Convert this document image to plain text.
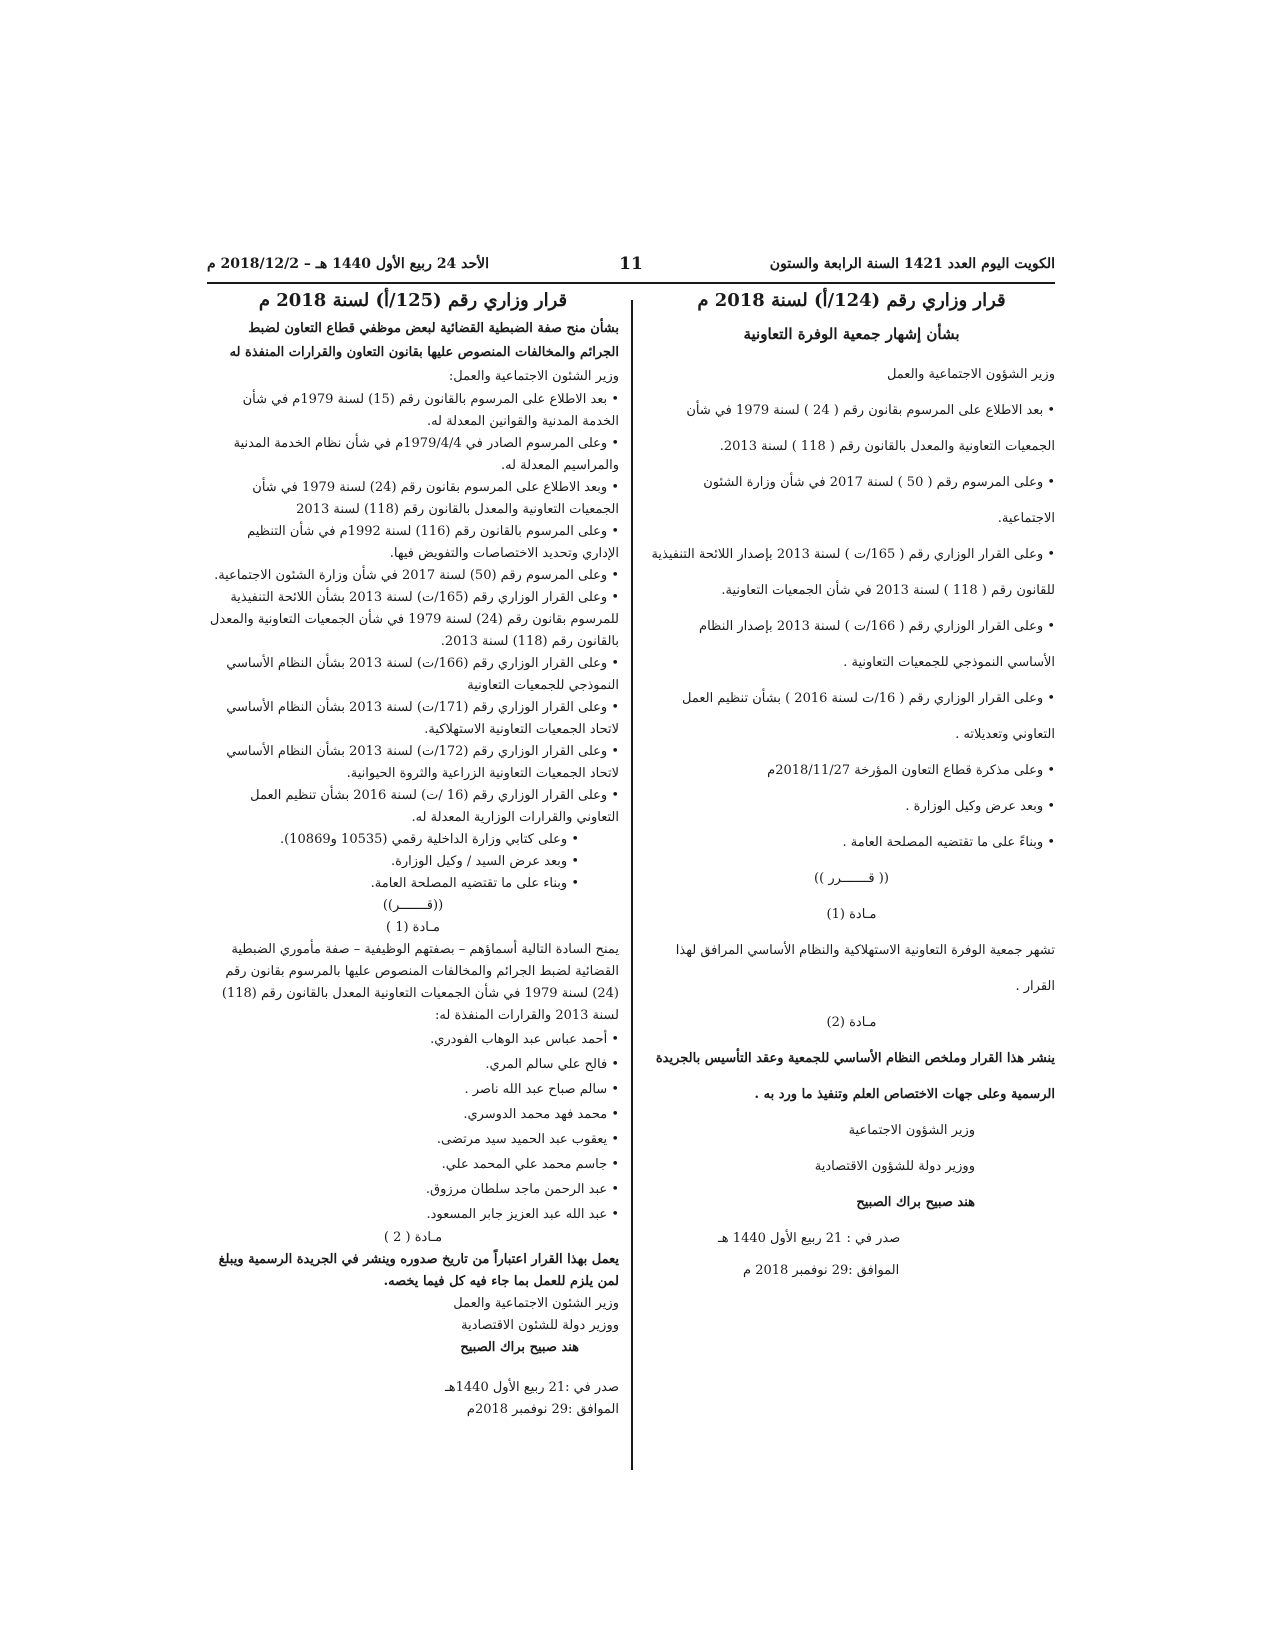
الكويت اليوم العدد 1421 السنة الرابعة والستون
11
الأحد 24 ربيع الأول 1440 هـ – 2018/12/2 م
قرار وزاري رقم (124/أ) لسنة 2018 م
بشأن إشهار جمعية الوفرة التعاونية
وزير الشؤون الاجتماعية والعمل
• بعد الاطلاع على المرسوم بقانون رقم ( 24 ) لسنة 1979 في شأن الجمعيات التعاونية والمعدل بالقانون رقم ( 118 ) لسنة 2013.
• وعلى المرسوم رقم ( 50 ) لسنة 2017 في شأن وزارة الشئون الاجتماعية.
• وعلى القرار الوزاري رقم ( 165/ت ) لسنة 2013 بإصدار اللائحة التنفيذية للقانون رقم ( 118 ) لسنة 2013 في شأن الجمعيات التعاونية.
• وعلى القرار الوزاري رقم ( 166/ت ) لسنة 2013 بإصدار النظام الأساسي النموذجي للجمعيات التعاونية .
• وعلى القرار الوزاري رقم ( 16/ت لسنة 2016 ) بشأن تنظيم العمل التعاوني وتعديلاته .
• وعلى مذكرة قطاع التعاون المؤرخة 2018/11/27م
• وبعد عرض وكيل الوزارة .
• وبناءً على ما تقتضيه المصلحة العامة .
(( قـــــــرر ))
مـادة (1)
تشهر جمعية الوفرة التعاونية الاستهلاكية والنظام الأساسي المرافق لهذا القرار .
مـادة (2)
ينشر هذا القرار وملخص النظام الأساسي للجمعية وعقد التأسيس بالجريدة الرسمية وعلى جهات الاختصاص العلم وتنفيذ ما ورد به .
وزير الشؤون الاجتماعية
ووزير دولة للشؤون الاقتصادية
هند صبيح براك الصبيح
صدر في : 21 ربيع الأول 1440 هـ
الموافق :29 نوفمبر 2018 م
قرار وزاري رقم (125/أ) لسنة 2018 م
بشأن منح صفة الضبطية القضائية لبعض موظفي قطاع التعاون لضبط الجرائم والمخالفات المنصوص عليها بقانون التعاون والقرارات المنفذة له
وزير الشئون الاجتماعية والعمل:
• بعد الاطلاع على المرسوم بالقانون رقم (15) لسنة 1979م في شأن الخدمة المدنية والقوانين المعدلة له.
• وعلى المرسوم الصادر في 1979/4/4م في شأن نظام الخدمة المدنية والمراسيم المعدلة له.
• وبعد الاطلاع على المرسوم بقانون رقم (24) لسنة 1979 في شأن الجمعيات التعاونية والمعدل بالقانون رقم (118) لسنة 2013
• وعلى المرسوم بالقانون رقم (116) لسنة 1992م في شأن التنظيم الإداري وتحديد الاختصاصات والتفويض فيها.
• وعلى المرسوم رقم (50) لسنة 2017 في شأن وزارة الشئون الاجتماعية.
• وعلى القرار الوزاري رقم (165/ت) لسنة 2013 بشأن اللائحة التنفيذية للمرسوم بقانون رقم (24) لسنة 1979 في شأن الجمعيات التعاونية والمعدل بالقانون رقم (118) لسنة 2013.
• وعلى القرار الوزاري رقم (166/ت) لسنة 2013 بشأن النظام الأساسي النموذجي للجمعيات التعاونية
• وعلى القرار الوزاري رقم (171/ت) لسنة 2013 بشأن النظام الأساسي لاتحاد الجمعيات التعاونية الاستهلاكية.
• وعلى القرار الوزاري رقم (172/ت) لسنة 2013 بشأن النظام الأساسي لاتحاد الجمعيات التعاونية الزراعية والثروة الحيوانية.
• وعلى القرار الوزاري رقم (16 /ت) لسنة 2016 بشأن تنظيم العمل التعاوني والقرارات الوزارية المعدلة له.
• وعلى كتابي وزارة الداخلية رقمي (10535 و10869).
• وبعد عرض السيد / وكيل الوزارة.
• وبناء على ما تقتضيه المصلحة العامة.
((قـــــــر))
مـادة (1 )
يمنح السادة التالية أسماؤهم – بصفتهم الوظيفية – صفة مأموري الضبطية القضائية لضبط الجرائم والمخالفات المنصوص عليها بالمرسوم بقانون رقم (24) لسنة 1979 في شأن الجمعيات التعاونية المعدل بالقانون رقم (118) لسنة 2013 والقرارات المنفذة له:
• أحمد عباس عبد الوهاب الفودري.
• فالح علي سالم المري.
• سالم صباح عبد الله ناصر .
• محمد فهد محمد الدوسري.
• يعقوب عبد الحميد سيد مرتضى.
• جاسم محمد علي المحمد علي.
• عبد الرحمن ماجد سلطان مرزوق.
• عبد الله عبد العزيز جابر المسعود.
مـادة ( 2 )
يعمل بهذا القرار اعتباراً من تاريخ صدوره وينشر في الجريدة الرسمية ويبلغ لمن يلزم للعمل بما جاء فيه كل فيما يخصه.
وزير الشئون الاجتماعية والعمل
ووزير دولة للشئون الاقتصادية
هند صبيح براك الصبيح
صدر في :21 ربيع الأول 1440هـ
الموافق :29 نوفمبر 2018م
